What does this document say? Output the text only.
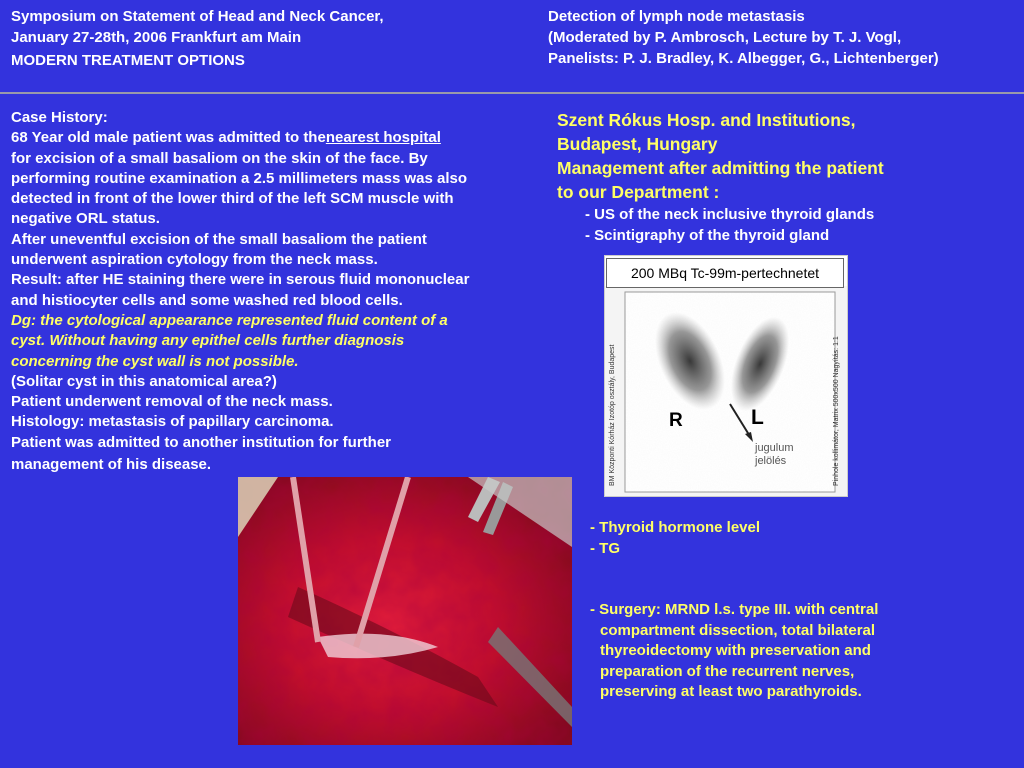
Symposium on Statement of Head and Neck Cancer,
January 27-28th, 2006 Frankfurt am Main
MODERN TREATMENT OPTIONS
Detection of lymph node metastasis
(Moderated by P. Ambrosch, Lecture by T. J. Vogl,
Panelists: P. J. Bradley, K. Albegger, G., Lichtenberger)
Case History:
68 Year old male patient was admitted to thenearest hospital
for excision of a small basaliom on the skin of the face. By
performing routine examination a 2.5 millimeters mass was also
detected in front of the lower third of the left SCM muscle with
negative ORL status.
After uneventful excision of the small basaliom the patient
underwent aspiration cytology from the neck mass.
Result: after HE staining there were in serous fluid mononuclear
and histiocyter cells and some washed red blood cells.
Dg: the cytological appearance represented fluid content of a
cyst. Without having any epithel cells further diagnosis
concerning the cyst wall is not possible.
(Solitar cyst in this anatomical area?)
Patient underwent removal of the neck mass.
Histology: metastasis of papillary carcinoma.
Patient was admitted to another institution for further
management of his disease.
Szent Rókus Hosp. and Institutions,
Budapest, Hungary
Management after admitting the patient
to our Department :
- US of the neck inclusive thyroid glands
- Scintigraphy of the thyroid gland
BM Központi Kórház Izotóp osztály, Budapest	Pinhole kollimátor, Matrix 500x500 Nagyítás: 1:1
R	L
jugulum
jelölés
200 MBq Tc-99m-pertechnetet
- Thyroid hormone level
- TG
- Surgery: MRND l.s. type III. with central
compartment dissection, total bilateral
thyreoidectomy with preservation and
preparation of the recurrent nerves,
preserving at least two parathyroids.
